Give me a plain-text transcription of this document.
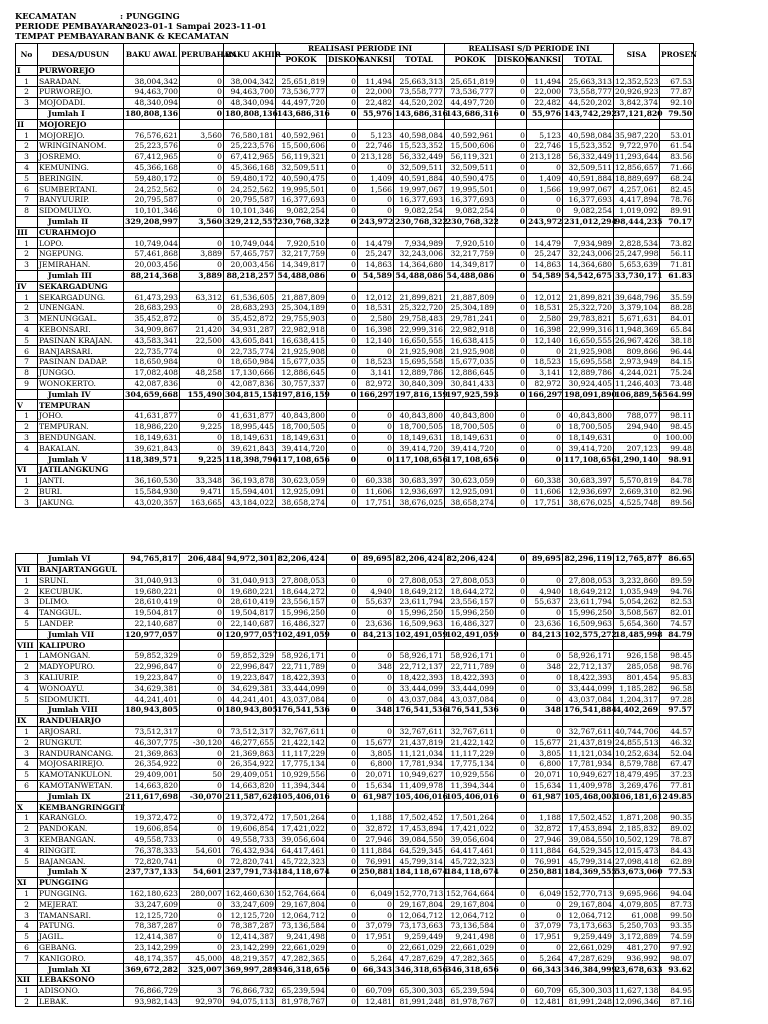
KECAMATAN	: PUNGGING
PERIODE PEMBAYARAN: 2023-01-1 Sampai 2023-11-01
TEMPAT PEMBAYARAN: BANK & KECAMATAN
No	DESA/DUSUN	BAKU AWAL	PERUBAHAN	BAKU AKHIR	REALISASI PERIODE INI				REALISASI S/D PERIODE INI				SISA	PROSEN
					POKOK	DISKON	SANKSI	TOTAL	POKOK	DISKON	SANKSI	TOTAL		
I	PURWOREJO													
1	SARADAN.	38,004,342	0	38,004,342	25,651,819	0	11,494	25,663,313	25,651,819	0	11,494	25,663,313	12,352,523	67.53
2	PURWOREJO.	94,463,700	0	94,463,700	73,536,777	0	22,000	73,558,777	73,536,777	0	22,000	73,558,777	20,926,923	77.87
3	MOJODADI.	48,340,094	0	48,340,094	44,497,720	0	22,482	44,520,202	44,497,720	0	22,482	44,520,202	3,842,374	92.10
	Jumlah I	180,808,136	0	180,808,136	143,686,316	0	55,976	143,686,316	143,686,316	0	55,976	143,742,292	37,121,820	79.50
II	MOJOREJO													
1	MOJOREJO.	76,576,621	3,560	76,580,181	40,592,961	0	5,123	40,598,084	40,592,961	0	5,123	40,598,084	35,987,220	53.01
2	WRINGINANOM.	25,223,576	0	25,223,576	15,500,606	0	22,746	15,523,352	15,500,606	0	22,746	15,523,352	9,722,970	61.54
3	JOSREMO.	67,412,965	0	67,412,965	56,119,321	0	213,128	56,332,449	56,119,321	0	213,128	56,332,449	11,293,644	83.56
4	KEMUNING.	45,366,168	0	45,366,168	32,509,511	0	0	32,509,511	32,509,511	0	0	32,509,511	12,856,657	71.66
5	BERINGIN.	59,480,172	0	59,480,172	40,590,475	0	1,409	40,591,884	40,590,475	0	1,409	40,591,884	18,889,697	68.24
6	SUMBERTANI.	24,252,562	0	24,252,562	19,995,501	0	1,566	19,997,067	19,995,501	0	1,566	19,997,067	4,257,061	82.45
7	BANYUURIP.	20,795,587	0	20,795,587	16,377,693	0	0	16,377,693	16,377,693	0	0	16,377,693	4,417,894	78.76
8	SIDOMULYO.	10,101,346	0	10,101,346	9,082,254	0	0	9,082,254	9,082,254	0	0	9,082,254	1,019,092	89.91
	Jumlah II	329,208,997	3,560	329,212,557	230,768,322	0	243,972	230,768,322	230,768,322	0	243,972	231,012,294	98,444,235	70.17
III	CURAHMOJO													
1	LOPO.	10,749,044	0	10,749,044	7,920,510	0	14,479	7,934,989	7,920,510	0	14,479	7,934,989	2,828,534	73.82
2	NGEPUNG.	57,461,868	3,889	57,465,757	32,217,759	0	25,247	32,243,006	32,217,759	0	25,247	32,243,006	25,247,998	56.11
3	JEMIRAHAN.	20,003,456	0	20,003,456	14,349,817	0	14,863	14,364,680	14,349,817	0	14,863	14,364,680	5,653,639	71.81
	Jumlah III	88,214,368	3,889	88,218,257	54,488,086	0	54,589	54,488,086	54,488,086	0	54,589	54,542,675	33,730,171	61.83
IV	SEKARGADUNG													
1	SEKARGADUNG.	61,473,293	63,312	61,536,605	21,887,809	0	12,012	21,899,821	21,887,809	0	12,012	21,899,821	39,648,796	35.59
2	UNENGAN.	28,683,293	0	28,683,293	25,304,189	0	18,531	25,322,720	25,304,189	0	18,531	25,322,720	3,379,104	88.28
3	MENUNGGAL.	35,452,872	0	35,452,872	29,755,903	0	2,580	29,758,483	29,781,241	0	2,580	29,783,821	5,671,631	84.01
4	KEBONSARI.	34,909,867	21,420	34,931,287	22,982,918	0	16,398	22,999,316	22,982,918	0	16,398	22,999,316	11,948,369	65.84
5	PASINAN KRAJAN.	43,583,341	22,500	43,605,841	16,638,415	0	12,140	16,650,555	16,638,415	0	12,140	16,650,555	26,967,426	38.18
6	BANJARSARI.	22,735,774	0	22,735,774	21,925,908	0	0	21,925,908	21,925,908	0	0	21,925,908	809,866	96.44
7	PASINAN DADAP.	18,650,984	0	18,650,984	15,677,035	0	18,523	15,695,558	15,677,035	0	18,523	15,695,558	2,973,949	84.15
8	JUNGGO.	17,082,408	48,258	17,130,666	12,886,645	0	3,141	12,889,786	12,886,645	0	3,141	12,889,786	4,244,021	75.24
9	WONOKERTO.	42,087,836	0	42,087,836	30,757,337	0	82,972	30,840,309	30,841,433	0	82,972	30,924,405	11,246,403	73.48
	Jumlah IV	304,659,668	155,490	304,815,158	197,816,159	0	166,297	197,816,159	197,925,593	0	166,297	198,091,890	106,889,565	64.99
V	TEMPURAN													
1	JOHO.	41,631,877	0	41,631,877	40,843,800	0	0	40,843,800	40,843,800	0	0	40,843,800	788,077	98.11
2	TEMPURAN.	18,986,220	9,225	18,995,445	18,700,505	0	0	18,700,505	18,700,505	0	0	18,700,505	294,940	98.45
3	BENDUNGAN.	18,149,631	0	18,149,631	18,149,631	0	0	18,149,631	18,149,631	0	0	18,149,631	0	100.00
4	BAKALAN.	39,621,843	0	39,621,843	39,414,720	0	0	39,414,720	39,414,720	0	0	39,414,720	207,123	99.48
	Jumlah V	118,389,571	9,225	118,398,796	117,108,656	0	0	117,108,656	117,108,656	0	0	117,108,656	1,290,140	98.91
VI	JATILANGKUNG													
1	JANTI.	36,160,530	33,348	36,193,878	30,623,059	0	60,338	30,683,397	30,623,059	0	60,338	30,683,397	5,570,819	84.78
2	BURI.	15,584,930	9,471	15,594,401	12,925,091	0	11,606	12,936,697	12,925,091	0	11,606	12,936,697	2,669,310	82.96
3	JAKUNG.	43,020,357	163,665	43,184,022	38,658,274	0	17,751	38,676,025	38,658,274	0	17,751	38,676,025	4,525,748	89.56
	Jumlah VI	94,765,817	206,484	94,972,301	82,206,424	0	89,695	82,206,424	82,206,424	0	89,695	82,296,119	12,765,877	86.65
VII	BANJARTANGGUL													
1	SRUNI.	31,040,913	0	31,040,913	27,808,053	0	0	27,808,053	27,808,053	0	0	27,808,053	3,232,860	89.59
2	KECUBUK.	19,680,221	0	19,680,221	18,644,272	0	4,940	18,649,212	18,644,272	0	4,940	18,649,212	1,035,949	94.76
3	DLIMO.	28,610,419	0	28,610,419	23,556,157	0	55,637	23,611,794	23,556,157	0	55,637	23,611,794	5,054,262	82.53
4	TANGGUL.	19,504,817	0	19,504,817	15,996,250	0	0	15,996,250	15,996,250	0	0	15,996,250	3,508,567	82.01
5	LANDEP.	22,140,687	0	22,140,687	16,486,327	0	23,636	16,509,963	16,486,327	0	23,636	16,509,963	5,654,360	74.57
	Jumlah VII	120,977,057	0	120,977,057	102,491,059	0	84,213	102,491,059	102,491,059	0	84,213	102,575,272	18,485,998	84.79
VIII	KALIPURO													
1	LAMONGAN.	59,852,329	0	59,852,329	58,926,171	0	0	58,926,171	58,926,171	0	0	58,926,171	926,158	98.45
2	MADYOPURO.	22,996,847	0	22,996,847	22,711,789	0	348	22,712,137	22,711,789	0	348	22,712,137	285,058	98.76
3	KALIURIP.	19,223,847	0	19,223,847	18,422,393	0	0	18,422,393	18,422,393	0	0	18,422,393	801,454	95.83
4	WONOAYU.	34,629,381	0	34,629,381	33,444,099	0	0	33,444,099	33,444,099	0	0	33,444,099	1,185,282	96.58
5	SIDOMUKTI.	44,241,401	0	44,241,401	43,037,084	0	0	43,037,084	43,037,084	0	0	43,037,084	1,204,317	97.28
	Jumlah VIII	180,943,805	0	180,943,805	176,541,536	0	348	176,541,536	176,541,536	0	348	176,541,884	4,402,269	97.57
IX	RANDUHARJO													
1	ARJOSARI.	73,512,317	0	73,512,317	32,767,611	0	0	32,767,611	32,767,611	0	0	32,767,611	40,744,706	44.57
2	RUNGKUT.	46,307,775	-30,120	46,277,655	21,422,142	0	15,677	21,437,819	21,422,142	0	15,677	21,437,819	24,855,513	46.32
3	RANDURANCANG.	21,369,863	0	21,369,863	11,117,229	0	3,805	11,121,034	11,117,229	0	3,805	11,121,034	10,252,634	52.04
4	MOJOSARIREJO.	26,354,922	0	26,354,922	17,775,134	0	6,800	17,781,934	17,775,134	0	6,800	17,781,934	8,579,788	67.47
5	KAMOTANKULON.	29,409,001	50	29,409,051	10,929,556	0	20,071	10,949,627	10,929,556	0	20,071	10,949,627	18,479,495	37.23
6	KAMOTANWETAN.	14,663,820	0	14,663,820	11,394,344	0	15,634	11,409,978	11,394,344	0	15,634	11,409,978	3,269,476	77.81
	Jumlah IX	211,617,698	-30,070	211,587,628	105,406,016	0	61,987	105,406,016	105,406,016	0	61,987	105,468,003	106,181,612	49.85
X	KEMBANGRINGGIT													
1	KARANGLO.	19,372,472	0	19,372,472	17,501,264	0	1,188	17,502,452	17,501,264	0	1,188	17,502,452	1,871,208	90.35
2	PANDOKAN.	19,606,854	0	19,606,854	17,421,022	0	32,872	17,453,894	17,421,022	0	32,872	17,453,894	2,185,832	89.02
3	KEMBANGAN.	49,558,733	0	49,558,733	39,056,604	0	27,946	39,084,550	39,056,604	0	27,946	39,084,550	10,502,129	78.87
4	RINGGIT.	76,378,333	54,601	76,432,934	64,417,461	0	111,884	64,529,345	64,417,461	0	111,884	64,529,345	12,015,473	84.43
5	BAJANGAN.	72,820,741	0	72,820,741	45,722,323	0	76,991	45,799,314	45,722,323	0	76,991	45,799,314	27,098,418	62.89
	Jumlah X	237,737,133	54,601	237,791,734	184,118,674	0	250,881	184,118,674	184,118,674	0	250,881	184,369,555	53,673,060	77.53
XI	PUNGGING													
1	PUNGGING.	162,180,623	280,007	162,460,630	152,764,664	0	6,049	152,770,713	152,764,664	0	6,049	152,770,713	9,695,966	94.04
2	MEJERAT.	33,247,609	0	33,247,609	29,167,804	0	0	29,167,804	29,167,804	0	0	29,167,804	4,079,805	87.73
3	TAMANSARI.	12,125,720	0	12,125,720	12,064,712	0	0	12,064,712	12,064,712	0	0	12,064,712	61,008	99.50
4	PATUNG.	78,387,287	0	78,387,287	73,136,584	0	37,079	73,173,663	73,136,584	0	37,079	73,173,663	5,250,703	93.35
5	JAGIL.	12,414,387	0	12,414,387	9,241,498	0	17,951	9,259,449	9,241,498	0	17,951	9,259,449	3,172,889	74.59
6	GEBANG.	23,142,299	0	23,142,299	22,661,029	0	0	22,661,029	22,661,029	0	0	22,661,029	481,270	97.92
7	KANIGORO.	48,174,357	45,000	48,219,357	47,282,365	0	5,264	47,287,629	47,282,365	0	5,264	47,287,629	936,992	98.07
	Jumlah XI	369,672,282	325,007	369,997,289	346,318,656	0	66,343	346,318,656	346,318,656	0	66,343	346,384,999	23,678,633	93.62
XII	LEBAKSONO													
1	ADISONO.	76,866,729	3	76,866,732	65,239,594	0	60,709	65,300,303	65,239,594	0	60,709	65,300,303	11,627,138	84.95
2	LEBAK.	93,982,143	92,970	94,075,113	81,978,767	0	12,481	81,991,248	81,978,767	0	12,481	81,991,248	12,096,346	87.16
